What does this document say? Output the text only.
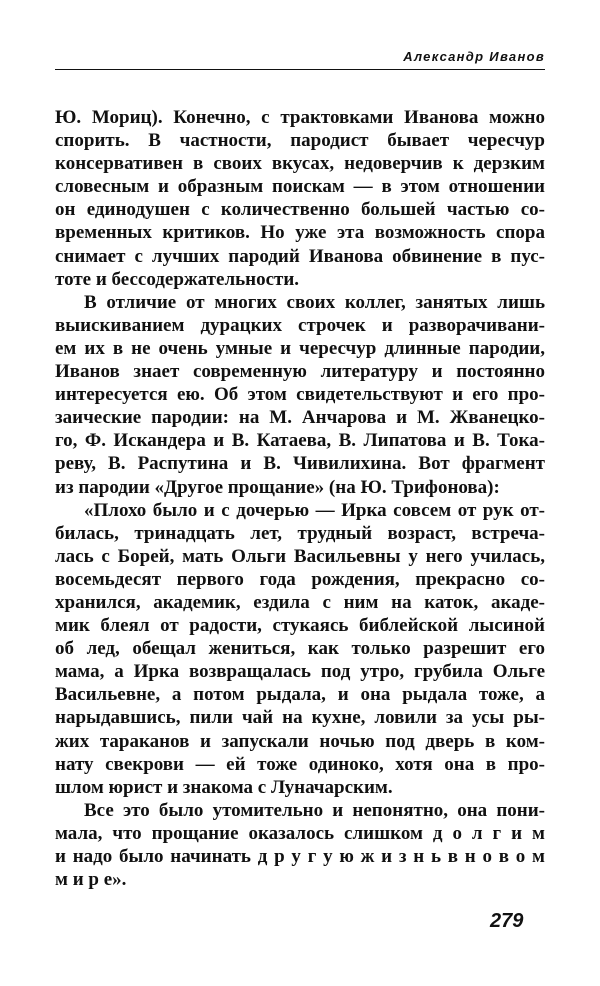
Александр Иванов
Ю. Мориц). Конечно, с трактовками Иванова можно
спорить. В частности, пародист бывает чересчур
консервативен в своих вкусах, недоверчив к дерзким
словесным и образным поискам — в этом отношении
он единодушен с количественно большей частью со-
временных критиков. Но уже эта возможность спора
снимает с лучших пародий Иванова обвинение в пус-
тоте и бессодержательности.
В отличие от многих своих коллег, занятых лишь
выискиванием дурацких строчек и разворачивани-
ем их в не очень умные и чересчур длинные пародии,
Иванов знает современную литературу и постоянно
интересуется ею. Об этом свидетельствуют и его про-
заические пародии: на М. Анчарова и М. Жванецко-
го, Ф. Искандера и В. Катаева, В. Липатова и В. Тока-
реву, В. Распутина и В. Чивилихина. Вот фрагмент
из пародии «Другое прощание» (на Ю. Трифонова):
«Плохо было и с дочерью — Ирка совсем от рук от-
билась, тринадцать лет, трудный возраст, встреча-
лась с Борей, мать Ольги Васильевны у него училась,
восемьдесят первого года рождения, прекрасно со-
хранился, академик, ездила с ним на каток, акаде-
мик блеял от радости, стукаясь библейской лысиной
об лед, обещал жениться, как только разрешит его
мама, а Ирка возвращалась под утро, грубила Ольге
Васильевне, а потом рыдала, и она рыдала тоже, а
нарыдавшись, пили чай на кухне, ловили за усы ры-
жих тараканов и запускали ночью под дверь в ком-
нату свекрови — ей тоже одиноко, хотя она в про-
шлом юрист и знакома с Луначарским.
Все это было утомительно и непонятно, она пони-
мала, что прощание оказалось слишком д о л г и м
и надо было начинать д р у г у ю ж и з н ь в н о в о м
м и р е».
279
